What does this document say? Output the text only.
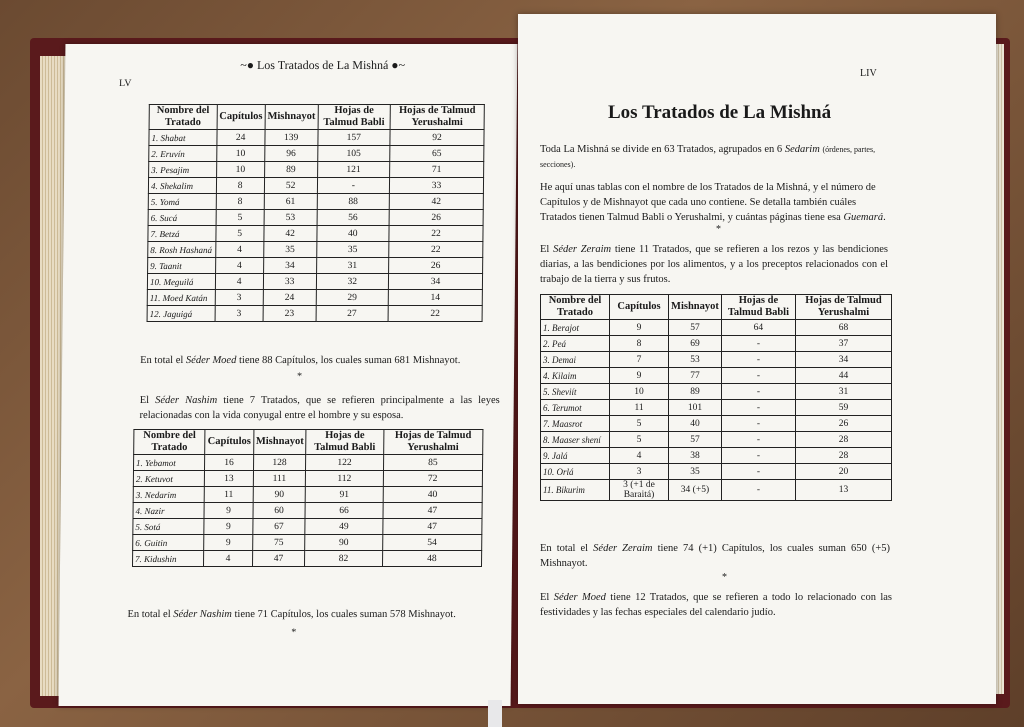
LV
~● Los Tratados de La Mishná ●~
Nombre del Tratado	Capítulos	Mishnayot	Hojas de Talmud Babli	Hojas de Talmud Yerushalmi
1. Shabat	24	139	157	92
2. Eruvín	10	96	105	65
3. Pesajim	10	89	121	71
4. Shekalim	8	52	-	33
5. Yomá	8	61	88	42
6. Sucá	5	53	56	26
7. Betzá	5	42	40	22
8. Rosh Hashaná	4	35	35	22
9. Taanit	4	34	31	26
10. Meguilá	4	33	32	34
11. Moed Katán	3	24	29	14
12. Jaguigá	3	23	27	22
En total el Séder Moed tiene 88 Capítulos, los cuales suman 681 Mishnayot.
*
El Séder Nashim tiene 7 Tratados, que se refieren principalmente a las leyes relacionadas con la vida conyugal entre el hombre y su esposa.
Nombre del Tratado	Capítulos	Mishnayot	Hojas de Talmud Babli	Hojas de Talmud Yerushalmi
1. Yebamot	16	128	122	85
2. Ketuvot	13	111	112	72
3. Nedarim	11	90	91	40
4. Nazir	9	60	66	47
5. Sotá	9	67	49	47
6. Guitin	9	75	90	54
7. Kidushin	4	47	82	48
En total el Séder Nashim tiene 71 Capítulos, los cuales suman 578 Mishnayot.
*
LIV
Los Tratados de La Mishná
Toda La Mishná se divide en 63 Tratados, agrupados en 6 Sedarim (órdenes, partes, secciones).
He aquí unas tablas con el nombre de los Tratados de la Mishná, y el número de Capítulos y de Mishnayot que cada uno contiene. Se detalla también cuáles Tratados tienen Talmud Babli o Yerushalmi, y cuántas páginas tiene esa Guemará.
*
El Séder Zeraim tiene 11 Tratados, que se refieren a los rezos y las bendiciones diarias, a las bendiciones por los alimentos, y a los preceptos relacionados con el trabajo de la tierra y sus frutos.
Nombre del Tratado	Capítulos	Mishnayot	Hojas de Talmud Babli	Hojas de Talmud Yerushalmi
1. Berajot	9	57	64	68
2. Peá	8	69	-	37
3. Demai	7	53	-	34
4. Kilaim	9	77	-	44
5. Sheviít	10	89	-	31
6. Terumot	11	101	-	59
7. Maasrot	5	40	-	26
8. Maaser shení	5	57	-	28
9. Jalá	4	38	-	28
10. Orlá	3	35	-	20
11. Bikurim	3 (+1 de Baraitá)	34 (+5)	-	13
En total el Séder Zeraim tiene 74 (+1) Capítulos, los cuales suman 650 (+5) Mishnayot.
*
El Séder Moed tiene 12 Tratados, que se refieren a todo lo relacionado con las festividades y las fechas especiales del calendario judío.
